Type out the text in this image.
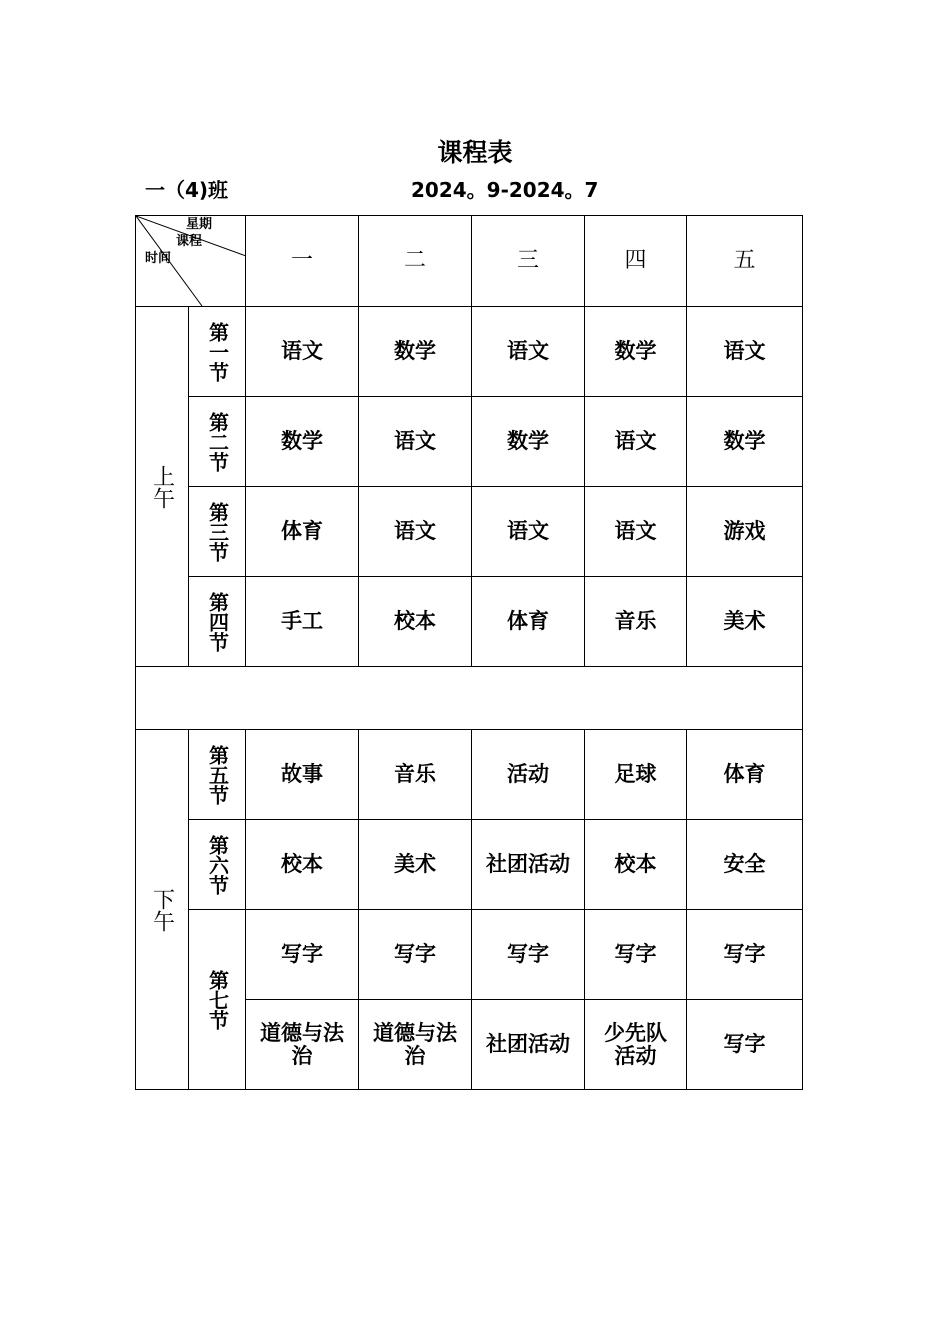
课程表
一（4)班	2024。9-2024。7
星期
课程
时间		一	二	三	四	五
上午	第一节	语文	数学	语文	数学	语文
	第二节	数学	语文	数学	语文	数学
	第三节	体育	语文	语文	语文	游戏
	第四节	手工	校本	体育	音乐	美术

下午	第五节	故事	音乐	活动	足球	体育
	第六节	校本	美术	社团活动	校本	安全
	第七节	写字	写字	写字	写字	写字
		道德与法治	道德与法治	社团活动	少先队活动	写字
